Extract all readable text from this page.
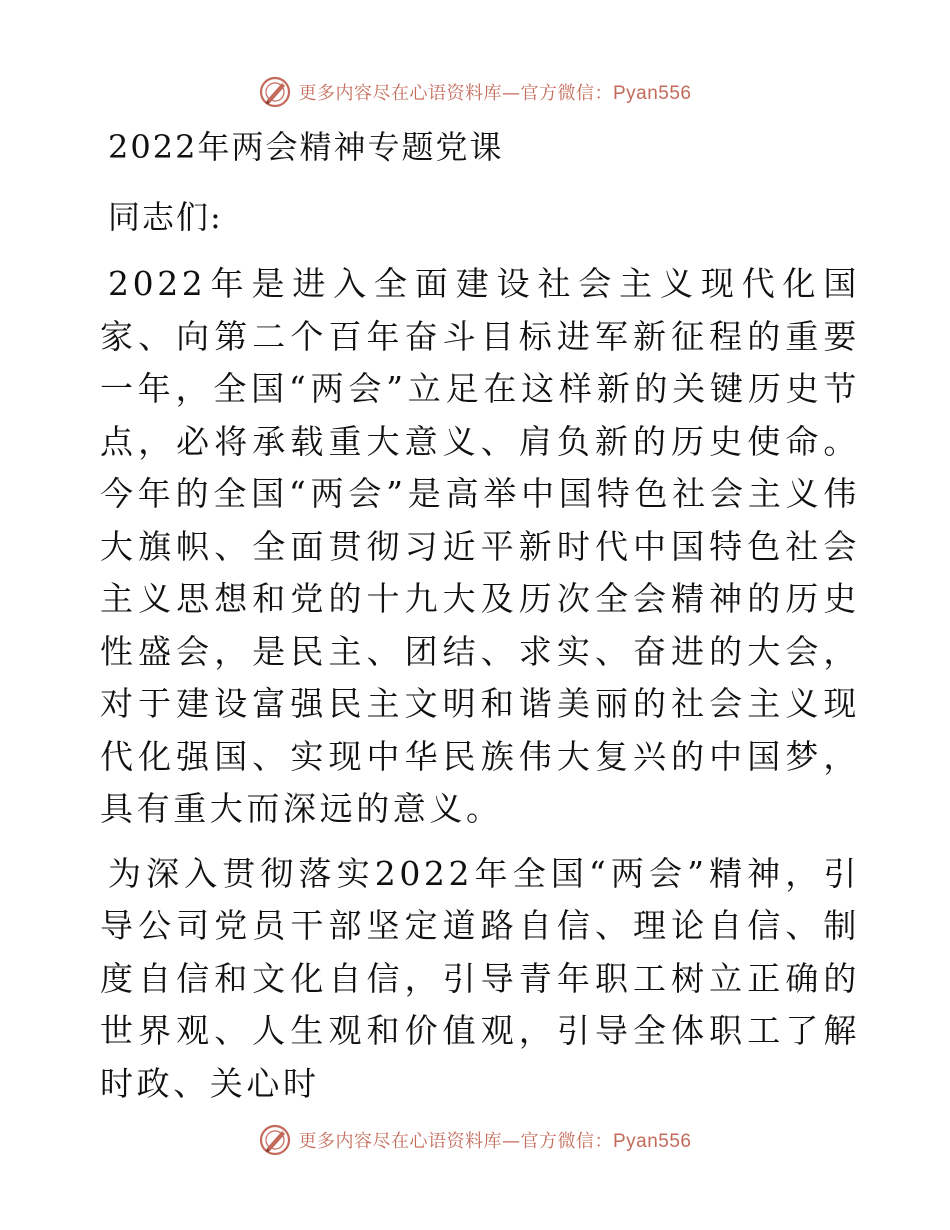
更多内容尽在心语资料库—官方微信：Pyan556
2022年两会精神专题党课

同志们:

2022年是进入全面建设社会主义现代化国家、向第二个百年奋斗目标进军新征程的重要一年，全国“两会”立足在这样新的关键历史节点，必将承载重大意义、肩负新的历史使命。今年的全国“两会”是高举中国特色社会主义伟大旗帜、全面贯彻习近平新时代中国特色社会主义思想和党的十九大及历次全会精神的历史性盛会，是民主、团结、求实、奋进的大会，对于建设富强民主文明和谐美丽的社会主义现代化强国、实现中华民族伟大复兴的中国梦，具有重大而深远的意义。

为深入贯彻落实2022年全国“两会”精神，引导公司党员干部坚定道路自信、理论自信、制度自信和文化自信，引导青年职工树立正确的世界观、人生观和价值观，引导全体职工了解时政、关心时

更多内容尽在心语资料库—官方微信：Pyan556
